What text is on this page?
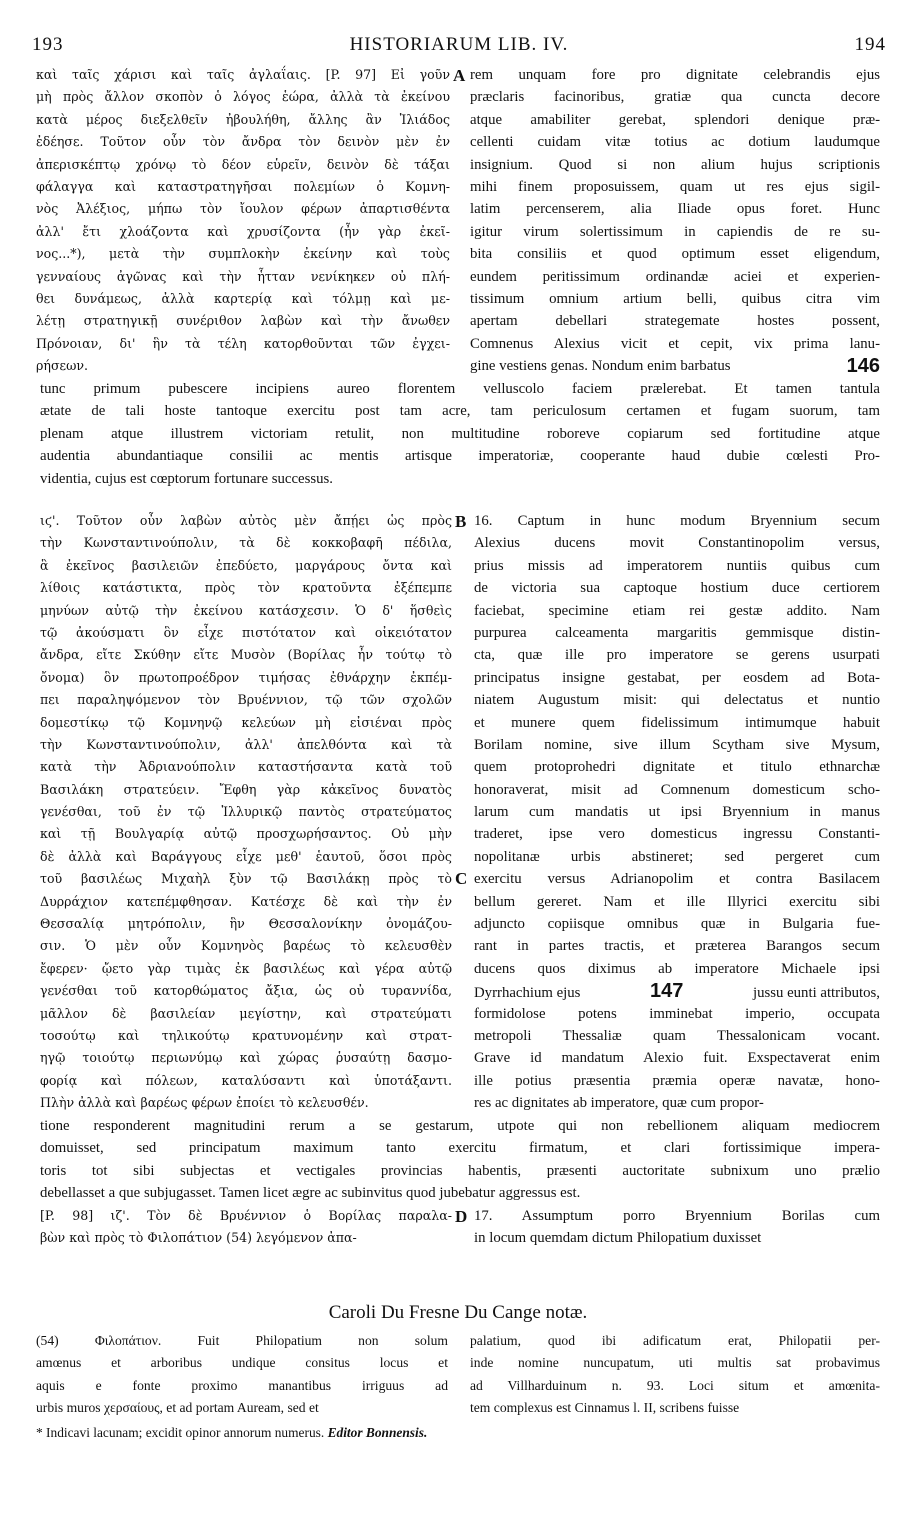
193	HISTORIARUM LIB. IV.	194
καὶ ταῖς χάρισι καὶ ταῖς ἀγλαΐαις. [P. 97] Εἰ γοῦν
μὴ πρὸς ἄλλον σκοπὸν ὁ λόγος ἑώρα, ἀλλὰ τὰ ἐκείνου
κατὰ μέρος διεξελθεῖν ἠβουλήθη, ἄλλης ἂν Ἰλιάδος
ἐδέησε. Τοῦτον οὖν τὸν ἄνδρα τὸν δεινὸν μὲν ἐν
ἀπερισκέπτῳ χρόνῳ τὸ δέον εὑρεῖν, δεινὸν δὲ τάξαι
φάλαγγα καὶ καταστρατηγῆσαι πολεμίων ὁ Κομνη-
νὸς Ἀλέξιος, μήπω τὸν ἴουλον φέρων ἀπαρτισθέντα
ἀλλ' ἔτι χλοάζοντα καὶ χρυσίζοντα (ἦν γὰρ ἐκεῖ-
νος...*), μετὰ τὴν συμπλοκὴν ἐκείνην καὶ τοὺς
γενναίους ἀγῶνας καὶ τὴν ἧτταν νενίκηκεν οὐ πλή-
θει δυνάμεως, ἀλλὰ καρτερίᾳ καὶ τόλμῃ καὶ με-
λέτῃ στρατηγικῇ συνέριθον λαβὼν καὶ τὴν ἄνωθεν
Πρόνοιαν, δι' ἣν τὰ τέλη κατορθοῦνται τῶν ἐγχει-
ρήσεων.
A rem unquam fore pro dignitate celebrandis ejus
præclaris facinoribus, gratiæ qua cuncta decore
atque amabiliter gerebat, splendori denique præ-
cellenti cuidam vitæ totius ac dotium laudumque
insignium. Quod si non alium hujus scriptionis
mihi finem proposuissem, quam ut res ejus sigil-
latim percenserem, alia Iliade opus foret. Hunc
igitur virum solertissimum in capiendis de re su-
bita consiliis et quod optimum esset eligendum,
eundem peritissimum ordinandæ aciei et experien-
tissimum omnium artium belli, quibus citra vim
apertam debellari strategemate hostes possent,
Comnenus Alexius vicit et cepit, vix prima lanu-
gine vestiens genas. Nondum enim barbatus	146
tunc primum pubescere incipiens aureo florentem velluscolo faciem prælerebat. Et tamen tantula
ætate de tali hoste tantoque exercitu post tam acre, tam periculosum certamen et fugam suorum, tam
plenam atque illustrem victoriam retulit, non multitudine roboreve copiarum sed fortitudine atque
audentia abundantiaque consilii ac mentis artisque imperatoriæ, cooperante haud dubie cœlesti Pro-
videntia, cujus est cœptorum fortunare successus.
ιϛ'. Τοῦτον οὖν λαβὼν αὐτὸς μὲν ἄπῄει ὡς πρὸς
τὴν Κωνσταντινούπολιν, τὰ δὲ κοκκοβαφῆ πέδιλα,
ἃ ἐκεῖνος βασιλειῶν ἐπεδύετο, μαργάρους ὄντα καὶ
λίθοις κατάστικτα, πρὸς τὸν κρατοῦντα ἐξέπεμπε
μηνύων αὐτῷ τὴν ἐκείνου κατάσχεσιν. Ὁ δ' ἥσθεὶς
τῷ ἀκούσματι ὃν εἶχε πιστότατον καὶ οἰκειότατον
ἄνδρα, εἴτε Σκύθην εἴτε Μυσὸν (Βορίλας ἦν τούτῳ τὸ
ὄνομα) ὃν πρωτοπροέδρον τιμήσας ἐθνάρχην ἐκπέμ-
πει παραληψόμενον τὸν Βρυέννιον, τῷ τῶν σχολῶν
δομεστίκῳ τῷ Κομνηνῷ κελεύων μὴ εἰσιέναι πρὸς
τὴν Κωνσταντινούπολιν, ἀλλ' ἀπελθόντα καὶ τὰ
κατὰ τὴν Ἀδριανούπολιν καταστήσαντα κατὰ τοῦ
Βασιλάκη στρατεύειν. Ἔφθη γὰρ κἀκεῖνος δυνατὸς
γενέσθαι, τοῦ ἐν τῷ Ἰλλυρικῷ παντὸς στρατεύματος
καὶ τῇ Βουλγαρίᾳ αὐτῷ προσχωρήσαντος. Οὐ μὴν
δὲ ἀλλὰ καὶ Βαράγγους εἶχε μεθ' ἑαυτοῦ, ὅσοι πρὸς
τοῦ βασιλέως Μιχαὴλ ξὺν τῷ Βασιλάκῃ πρὸς τὸ
Δυρράχιον κατεπέμφθησαν. Κατέσχε δὲ καὶ τὴν ἐν
Θεσσαλίᾳ μητρόπολιν, ἣν Θεσσαλονίκην ὀνομάζου-
σιν. Ὁ μὲν οὖν Κομνηνὸς βαρέως τὸ κελευσθὲν
ἔφερεν· ᾤετο γὰρ τιμὰς ἐκ βασιλέως καὶ γέρα αὐτῷ
γενέσθαι τοῦ κατορθώματος ἄξια, ὡς οὐ τυραννίδα,
μᾶλλον δὲ βασιλείαν μεγίστην, καὶ στρατεύματι
τοσούτῳ καὶ τηλικούτῳ κρατυνομένην καὶ στρατ-
ηγῷ τοιούτῳ περιωνύμῳ καὶ χώρας ῥυσαύτῃ δασμο-
φορίᾳ καὶ πόλεων, καταλύσαντι καὶ ὑποτάξαντι.
Πλὴν ἀλλὰ καὶ βαρέως φέρων ἐποίει τὸ κελευσθέν.
B
C
16. Captum in hunc modum Bryennium secum
Alexius ducens movit Constantinopolim versus,
prius missis ad imperatorem nuntiis quibus cum
de victoria sua captoque hostium duce certiorem
faciebat, specimine etiam rei gestæ addito. Nam
purpurea calceamenta margaritis gemmisque distin-
cta, quæ ille pro imperatore se gerens usurpati
principatus insigne gestabat, per eosdem ad Bota-
niatem Augustum misit: qui delectatus et nuntio
et munere quem fidelissimum intimumque habuit
Borilam nomine, sive illum Scytham sive Mysum,
quem protoprohedri dignitate et titulo ethnarchæ
honoraverat, misit ad Comnenum domesticum scho-
larum cum mandatis ut ipsi Bryennium in manus
traderet, ipse vero domesticus ingressu Constanti-
nopolitanæ urbis abstineret; sed pergeret cum
exercitu versus Adrianopolim et contra Basilacem
bellum gereret. Nam et ille Illyrici exercitu sibi
adjuncto copiisque omnibus quæ in Bulgaria fue-
rant in partes tractis, et præterea Barangos secum
ducens quos diximus ab imperatore Michaele ipsi
Dyrrhachium ejus	147	jussu eunti attributos,
formidolose potens imminebat imperio, occupata
metropoli Thessaliæ quam Thessalonicam vocant.
Grave id mandatum Alexio fuit. Exspectaverat enim
ille potius præsentia præmia operæ navatæ, hono-
res ac dignitates ab imperatore, quæ cum propor-
tione responderent magnitudini rerum a se gestarum, utpote qui non rebellionem aliquam mediocrem
domuisset, sed principatum maximum tanto exercitu firmatum, et clari fortissimique impera-
toris tot sibi subjectas et vectigales provincias habentis, præsenti auctoritate subnixum uno prælio
debellasset a que subjugasset. Tamen licet ægre ac subinvitus quod jubebatur aggressus est.
[P. 98] ιζ'. Τὸν δὲ Βρυέννιον ὁ Βορίλας παραλα-
βὼν καὶ πρὸς τὸ Φιλοπάτιον (54) λεγόμενον ἀπα-
D 17. Assumptum porro Bryennium Borilas cum
in locum quemdam dictum Philopatium duxisset
Caroli Du Fresne Du Cange notæ.
(54) Φιλοπάτιον. Fuit Philopatium non solum
amœnus et arboribus undique consitus locus et
aquis e fonte proximo manantibus irriguus ad
urbis muros χερσαίους, et ad portam Auream, sed et
palatium, quod ibi adificatum erat, Philopatii per-
inde nomine nuncupatum, uti multis sat probavimus
ad Villharduinum n. 93. Loci situm et amœnita-
tem complexus est Cinnamus l. II, scribens fuisse
* Indicavi lacunam; excidit opinor annorum numerus. Editor Bonnensis.
